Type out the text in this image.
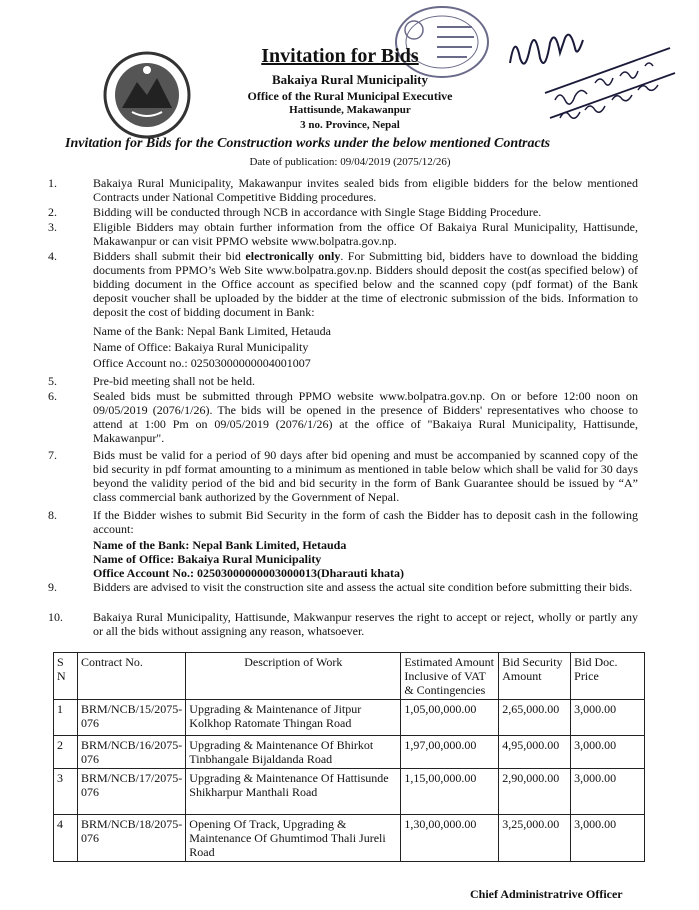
Invitation for Bids
Bakaiya Rural Municipality
Office of the Rural Municipal Executive
Hattisunde, Makawanpur
3 no. Province, Nepal
Invitation for Bids for the Construction works under the below mentioned Contracts
Date of publication: 09/04/2019 (2075/12/26)
1.	Bakaiya Rural Municipality, Makawanpur invites sealed bids from eligible bidders for the below mentioned Contracts under National Competitive Bidding procedures.
2.	Bidding will be conducted through NCB in accordance with Single Stage Bidding Procedure.
3.	Eligible Bidders may obtain further information from the office Of Bakaiya Rural Municipality, Hattisunde, Makawanpur or can visit PPMO website www.bolpatra.gov.np.
4.	Bidders shall submit their bid electronically only. For Submitting bid, bidders have to download the bidding documents from PPMO’s Web Site www.bolpatra.gov.np. Bidders should deposit the cost(as specified below) of bidding document in the Office account as specified below and the scanned copy (pdf format) of the Bank deposit voucher shall be uploaded by the bidder at the time of electronic submission of the bids. Information to deposit the cost of bidding document in Bank:

Name of the Bank: Nepal Bank Limited, Hetauda

Name of Office: Bakaiya Rural Municipality

Office Account no.: 02503000000004001007

5.	Pre-bid meeting shall not be held.
6.	Sealed bids must be submitted through PPMO website www.bolpatra.gov.np. On or before 12:00 noon on 09/05/2019 (2076/1/26). The bids will be opened in the presence of Bidders' representatives who choose to attend at 1:00 Pm on 09/05/2019 (2076/1/26) at the office of "Bakaiya Rural Municipality, Hattisunde, Makawanpur".
7.	Bids must be valid for a period of 90 days after bid opening and must be accompanied by scanned copy of the bid security in pdf format amounting to a minimum as mentioned in table below which shall be valid for 30 days beyond the validity period of the bid and bid security in the form of Bank Guarantee should be issued by “A” class commercial bank authorized by the Government of Nepal.
8.	If the Bidder wishes to submit Bid Security in the form of cash the Bidder has to deposit cash in the following account:

Name of the Bank: Nepal Bank Limited, Hetauda

Name of Office: Bakaiya Rural Municipality

Office Account No.: 02503000000003000013(Dharauti khata)

9.	Bidders are advised to visit the construction site and assess the actual site condition before submitting their bids.
10.	Bakaiya Rural Municipality, Hattisunde, Makwanpur reserves the right to accept or reject, wholly or partly any or all the bids without assigning any reason, whatsoever.
S N	Contract No.	Description of Work	Estimated Amount Inclusive of VAT & Contingencies	Bid Security Amount	Bid Doc. Price
1	BRM/NCB/15/2075-076	Upgrading & Maintenance of Jitpur Kolkhop Ratomate Thingan Road	1,05,00,000.00	2,65,000.00	3,000.00
2	BRM/NCB/16/2075-076	Upgrading & Maintenance Of Bhirkot Tinbhangale Bijaldanda Road	1,97,00,000.00	4,95,000.00	3,000.00
3	BRM/NCB/17/2075-076	Upgrading & Maintenance Of Hattisunde Shikharpur Manthali Road	1,15,00,000.00	2,90,000.00	3,000.00
4	BRM/NCB/18/2075-076	Opening Of Track, Upgrading & Maintenance Of Ghumtimod Thali Jureli Road	1,30,00,000.00	3,25,000.00	3,000.00
Chief Administratrive Officer
